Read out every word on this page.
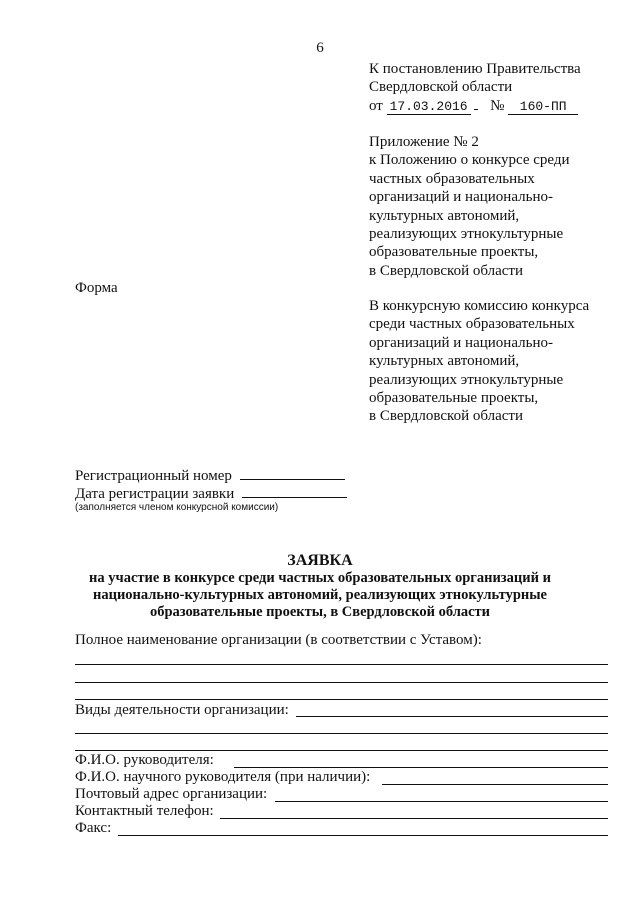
6
К постановлению Правительства
Свердловской области
от 17.03.2016 № 160-ПП
Приложение № 2
к Положению о конкурсе среди
частных образовательных
организаций и национально-
культурных автономий,
реализующих этнокультурные
образовательные проекты,
в Свердловской области
Форма
В конкурсную комиссию конкурса
среди частных образовательных
организаций и национально-
культурных автономий,
реализующих этнокультурные
образовательные проекты,
в Свердловской области
Регистрационный номер
Дата регистрации заявки
(заполняется членом конкурсной комиссии)
ЗАЯВКА
на участие в конкурсе среди частных образовательных организаций и
национально-культурных автономий, реализующих этнокультурные
образовательные проекты, в Свердловской области
Полное наименование организации (в соответствии с Уставом):
Виды деятельности организации:
Ф.И.О. руководителя:
Ф.И.О. научного руководителя (при наличии):
Почтовый адрес организации:
Контактный телефон:
Факс:
